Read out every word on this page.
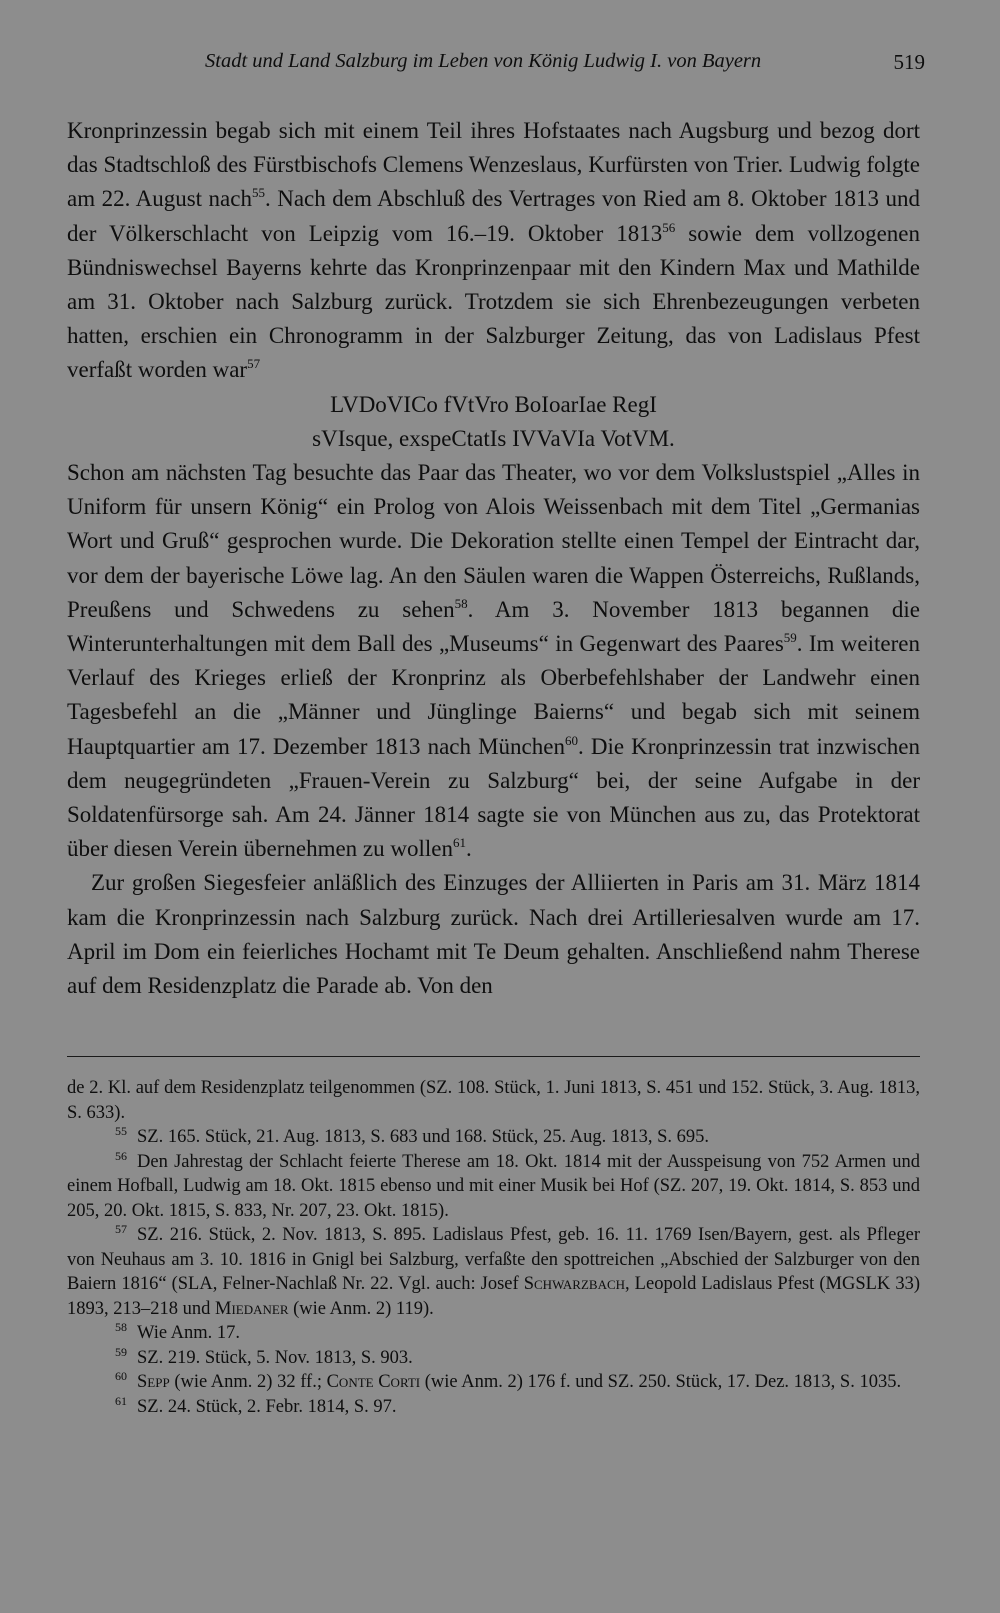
Stadt und Land Salzburg im Leben von König Ludwig I. von Bayern	519

Kronprinzessin begab sich mit einem Teil ihres Hofstaates nach Augsburg und bezog dort das Stadtschloß des Fürstbischofs Clemens Wenzeslaus, Kurfürsten von Trier. Ludwig folgte am 22. August nach$^{55}$. Nach dem Abschluß des Vertrages von Ried am 8. Oktober 1813 und der Völkerschlacht von Leipzig vom 16.–19. Oktober 1813$^{56}$ sowie dem vollzogenen Bündniswechsel Bayerns kehrte das Kronprinzenpaar mit den Kindern Max und Mathilde am 31. Oktober nach Salzburg zurück. Trotzdem sie sich Ehrenbezeugungen verbeten hatten, erschien ein Chronogramm in der Salzburger Zeitung, das von Ladislaus Pfest verfaßt worden war$^{57}$

LVDoVICo fVtVro BoIoarIae RegI
sVIsque, exspeCtatIs IVVaVIa VotVM.

Schon am nächsten Tag besuchte das Paar das Theater, wo vor dem Volkslustspiel „Alles in Uniform für unsern König“ ein Prolog von Alois Weissenbach mit dem Titel „Germanias Wort und Gruß“ gesprochen wurde. Die Dekoration stellte einen Tempel der Eintracht dar, vor dem der bayerische Löwe lag. An den Säulen waren die Wappen Österreichs, Rußlands, Preußens und Schwedens zu sehen$^{58}$. Am 3. November 1813 begannen die Winterunterhaltungen mit dem Ball des „Museums“ in Gegenwart des Paares$^{59}$. Im weiteren Verlauf des Krieges erließ der Kronprinz als Oberbefehlshaber der Landwehr einen Tagesbefehl an die „Männer und Jünglinge Baierns“ und begab sich mit seinem Hauptquartier am 17. Dezember 1813 nach München$^{60}$. Die Kronprinzessin trat inzwischen dem neugegründeten „Frauen-Verein zu Salzburg“ bei, der seine Aufgabe in der Soldatenfürsorge sah. Am 24. Jänner 1814 sagte sie von München aus zu, das Protektorat über diesen Verein übernehmen zu wollen$^{61}$.

Zur großen Siegesfeier anläßlich des Einzuges der Alliierten in Paris am 31. März 1814 kam die Kronprinzessin nach Salzburg zurück. Nach drei Artilleriesalven wurde am 17. April im Dom ein feierliches Hochamt mit Te Deum gehalten. Anschließend nahm Therese auf dem Residenzplatz die Parade ab. Von den

de 2. Kl. auf dem Residenzplatz teilgenommen (SZ. 108. Stück, 1. Juni 1813, S. 451 und 152. Stück, 3. Aug. 1813, S. 633).

55 SZ. 165. Stück, 21. Aug. 1813, S. 683 und 168. Stück, 25. Aug. 1813, S. 695.

56 Den Jahrestag der Schlacht feierte Therese am 18. Okt. 1814 mit der Ausspeisung von 752 Armen und einem Hofball, Ludwig am 18. Okt. 1815 ebenso und mit einer Musik bei Hof (SZ. 207, 19. Okt. 1814, S. 853 und 205, 20. Okt. 1815, S. 833, Nr. 207, 23. Okt. 1815).

57 SZ. 216. Stück, 2. Nov. 1813, S. 895. Ladislaus Pfest, geb. 16. 11. 1769 Isen/Bayern, gest. als Pfleger von Neuhaus am 3. 10. 1816 in Gnigl bei Salzburg, verfaßte den spottreichen „Abschied der Salzburger von den Baiern 1816“ (SLA, Felner-Nachlaß Nr. 22. Vgl. auch: Josef Schwarzbach, Leopold Ladislaus Pfest (MGSLK 33) 1893, 213–218 und Miedaner (wie Anm. 2) 119).

58 Wie Anm. 17.

59 SZ. 219. Stück, 5. Nov. 1813, S. 903.

60 Sepp (wie Anm. 2) 32 ff.; Conte Corti (wie Anm. 2) 176 f. und SZ. 250. Stück, 17. Dez. 1813, S. 1035.

61 SZ. 24. Stück, 2. Febr. 1814, S. 97.
